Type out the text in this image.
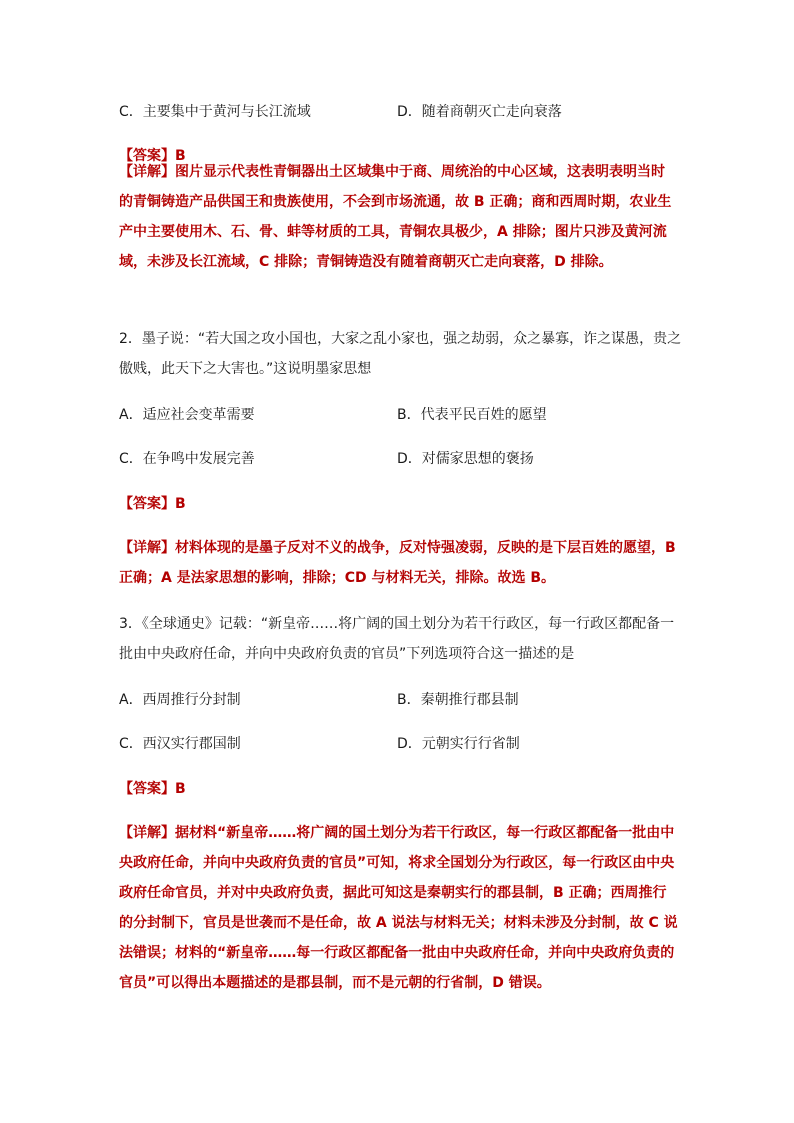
C．主要集中于黄河与长江流域	D．随着商朝灭亡走向衰落
【答案】B
【详解】图片显示代表性青铜器出土区域集中于商、周统治的中心区域，这表明表明当时
的青铜铸造产品供国王和贵族使用，不会到市场流通，故 B 正确；商和西周时期，农业生
产中主要使用木、石、骨、蚌等材质的工具，青铜农具极少，A 排除；图片只涉及黄河流
域，未涉及长江流域，C 排除；青铜铸造没有随着商朝灭亡走向衰落，D 排除。
2．墨子说：“若大国之攻小国也，大家之乱小家也，强之劫弱，众之暴寡，诈之谋愚，贵之
傲贱，此天下之大害也。”这说明墨家思想
A．适应社会变革需要	B．代表平民百姓的愿望
C．在争鸣中发展完善	D．对儒家思想的褒扬
【答案】B
【详解】材料体现的是墨子反对不义的战争，反对恃强凌弱，反映的是下层百姓的愿望，B
正确；A 是法家思想的影响，排除；CD 与材料无关，排除。故选 B。
3．《全球通史》记载：“新皇帝……将广阔的国土划分为若干行政区，每一行政区都配备一
批由中央政府任命，并向中央政府负责的官员”下列选项符合这一描述的是
A．西周推行分封制	B．秦朝推行郡县制
C．西汉实行郡国制	D．元朝实行行省制
【答案】B
【详解】据材料“新皇帝……将广阔的国土划分为若干行政区，每一行政区都配备一批由中
央政府任命，并向中央政府负责的官员”可知，将求全国划分为行政区，每一行政区由中央
政府任命官员，并对中央政府负责，据此可知这是秦朝实行的郡县制，B 正确；西周推行
的分封制下，官员是世袭而不是任命，故 A 说法与材料无关；材料未涉及分封制，故 C 说
法错误；材料的“新皇帝……每一行政区都配备一批由中央政府任命，并向中央政府负责的
官员”可以得出本题描述的是郡县制，而不是元朝的行省制，D 错误。
